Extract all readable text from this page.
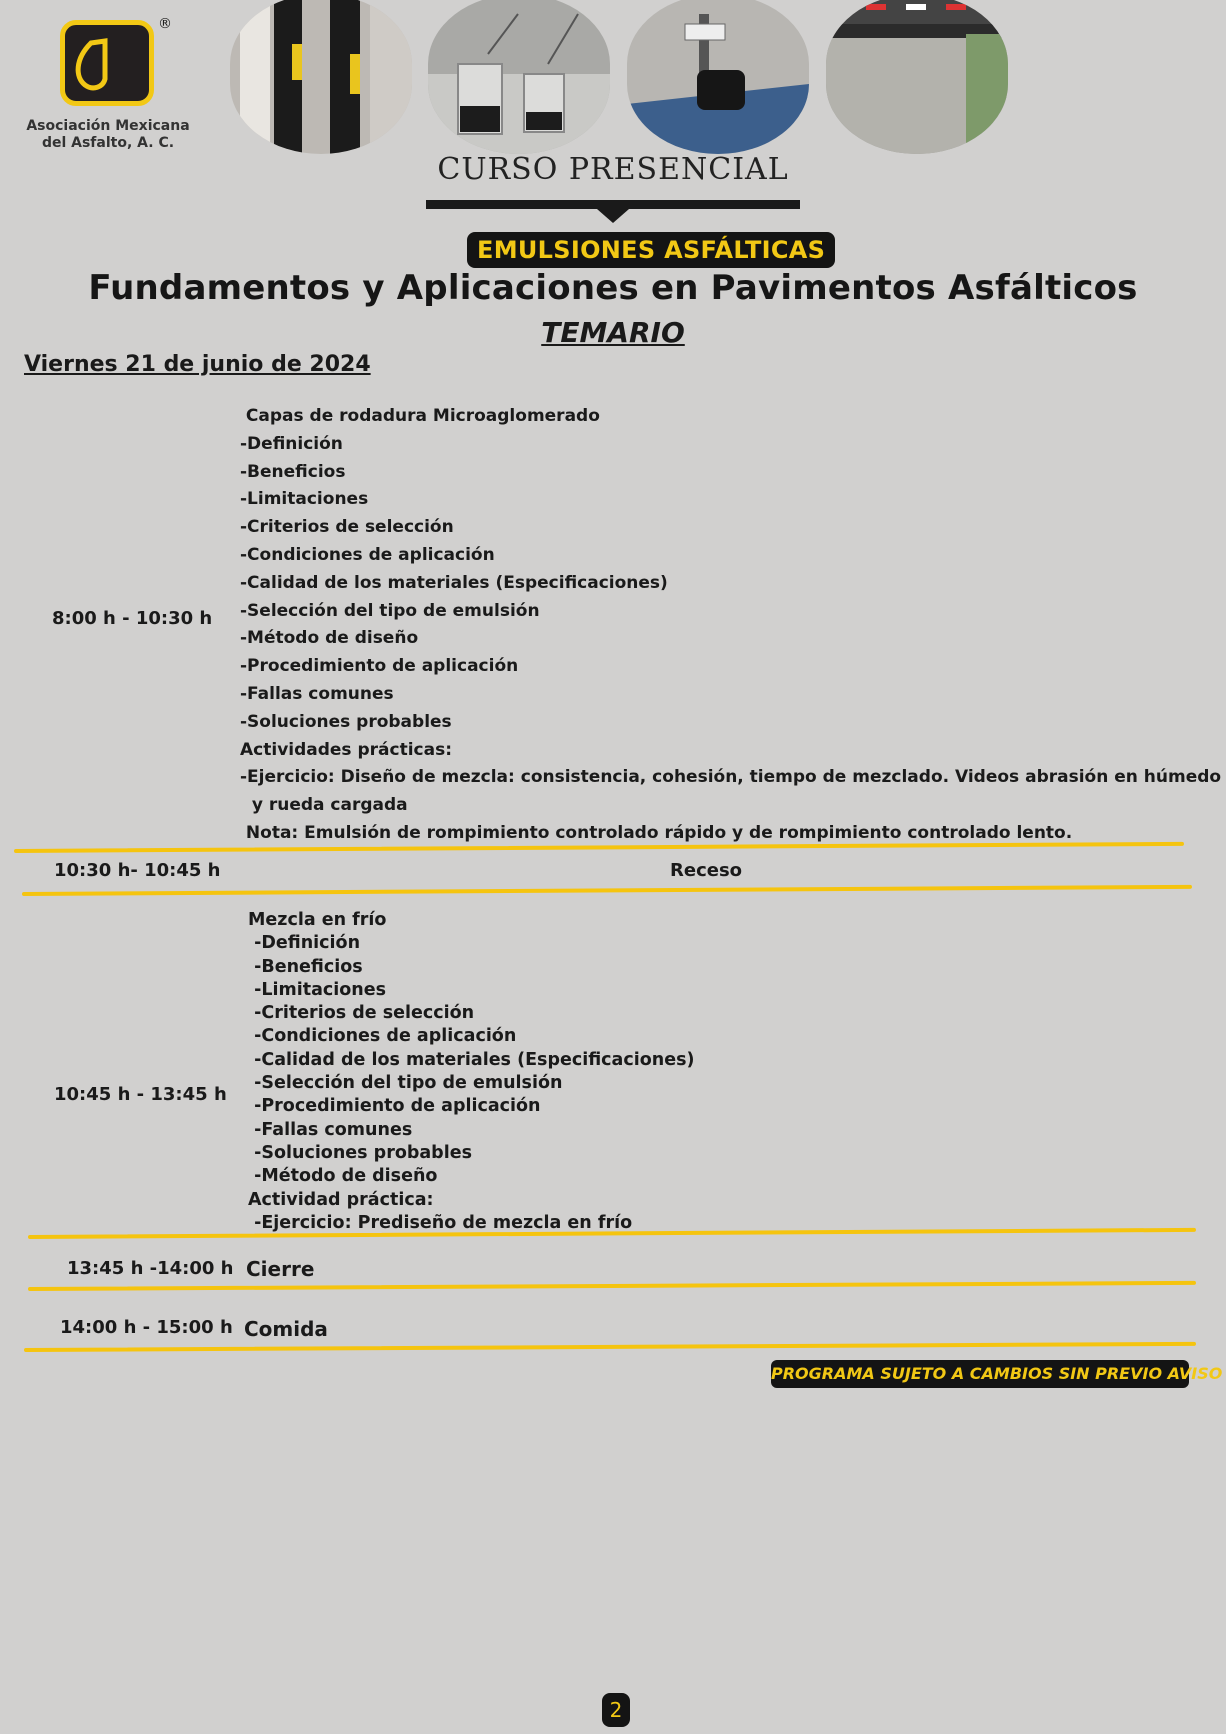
®
Asociación Mexicana
del Asfalto, A. C.
CURSO PRESENCIAL
EMULSIONES ASFÁLTICAS
Fundamentos y Aplicaciones en Pavimentos Asfálticos
TEMARIO
Viernes 21 de junio de 2024
8:00 h - 10:30 h
Capas de rodadura Microaglomerado
-Definición
-Beneficios
-Limitaciones
-Criterios de selección
-Condiciones de aplicación
-Calidad de los materiales (Especificaciones)
-Selección del tipo de emulsión
-Método de diseño
-Procedimiento de aplicación
-Fallas comunes
-Soluciones probables
Actividades prácticas:
-Ejercicio: Diseño de mezcla: consistencia, cohesión, tiempo de mezclado. Videos abrasión en húmedo
y rueda cargada
Nota: Emulsión de rompimiento controlado rápido y de rompimiento controlado lento.
10:30 h- 10:45 h	Receso
10:45 h - 13:45 h
Mezcla en frío
-Definición
-Beneficios
-Limitaciones
-Criterios de selección
-Condiciones de aplicación
-Calidad de los materiales (Especificaciones)
-Selección del tipo de emulsión
-Procedimiento de aplicación
-Fallas comunes
-Soluciones probables
-Método de diseño
Actividad práctica:
-Ejercicio: Prediseño de mezcla en frío
13:45 h -14:00 h Cierre
14:00 h - 15:00 h Comida
PROGRAMA SUJETO A CAMBIOS SIN PREVIO AVISO
2
